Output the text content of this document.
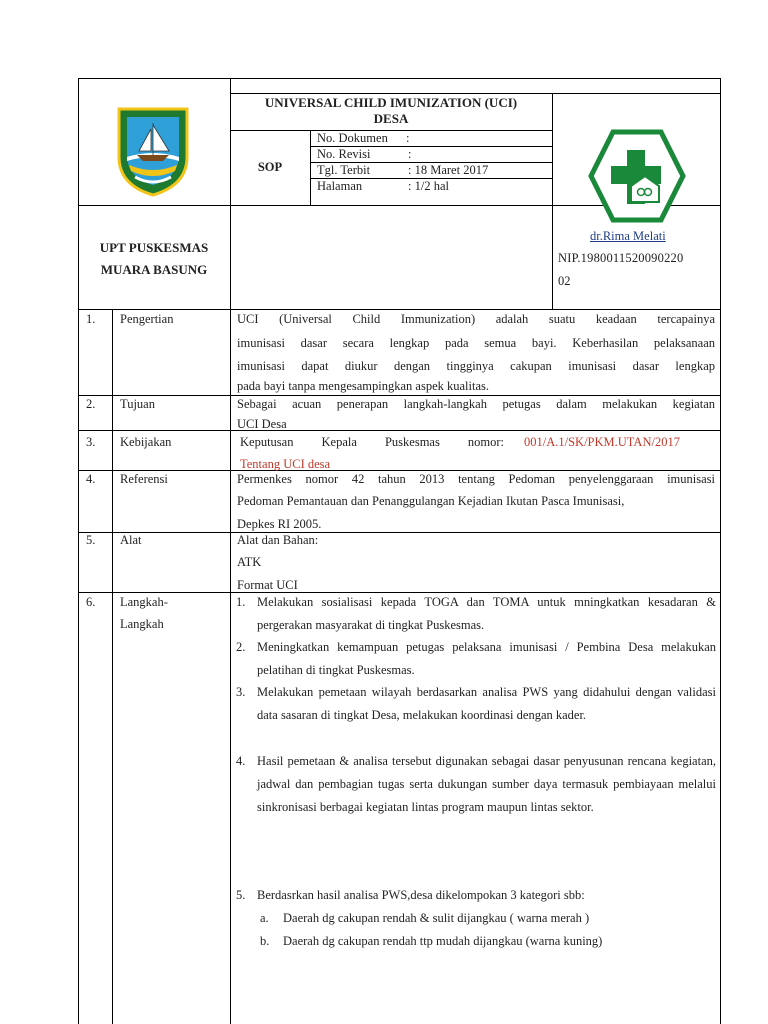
UNIVERSAL CHILD IMUNIZATION (UCI)
DESA
SOP
No. Dokumen :
No. Revisi	:
Tgl. Terbit	: 18 Maret 2017
Halaman	: 1/2 hal
UPT PUSKESMAS
MUARA BASUNG
dr.Rima Melati
NIP.1980011520090220
02
1. Pengertian	UCI (Universal Child Immunization) adalah suatu keadaan tercapainya
imunisasi dasar secara lengkap pada semua bayi. Keberhasilan pelaksanaan
imunisasi dapat diukur dengan tingginya cakupan imunisasi dasar lengkap
pada bayi tanpa mengesampingkan aspek kualitas.
2. Tujuan	Sebagai acuan penerapan langkah-langkah petugas dalam melakukan kegiatan
UCI Desa
3. Kebijakan	Keputusan Kepala Puskesmas nomor: 001/A.1/SK/PKM.UTAN/2017
Tentang UCI desa
4. Referensi	Permenkes nomor 42 tahun 2013 tentang Pedoman penyelenggaraan imunisasi
Pedoman Pemantauan dan Penanggulangan Kejadian Ikutan Pasca Imunisasi,
Depkes RI 2005.
5. Alat	Alat dan Bahan:
ATK
Format UCI
6. Langkah-
Langkah
1. Melakukan sosialisasi kepada TOGA dan TOMA untuk mningkatkan kesadaran & pergerakan masyarakat di tingkat Puskesmas.
2. Meningkatkan kemampuan petugas pelaksana imunisasi / Pembina Desa melakukan pelatihan di tingkat Puskesmas.
3. Melakukan pemetaan wilayah berdasarkan analisa PWS yang didahului dengan validasi data sasaran di tingkat Desa, melakukan koordinasi dengan kader.
4. Hasil pemetaan & analisa tersebut digunakan sebagai dasar penyusunan rencana kegiatan, jadwal dan pembagian tugas serta dukungan sumber daya termasuk pembiayaan melalui sinkronisasi berbagai kegiatan lintas program maupun lintas sektor.
5. Berdasrkan hasil analisa PWS,desa dikelompokan 3 kategori sbb:
a. Daerah dg cakupan rendah & sulit dijangkau ( warna merah )
b. Daerah dg cakupan rendah ttp mudah dijangkau (warna kuning)
